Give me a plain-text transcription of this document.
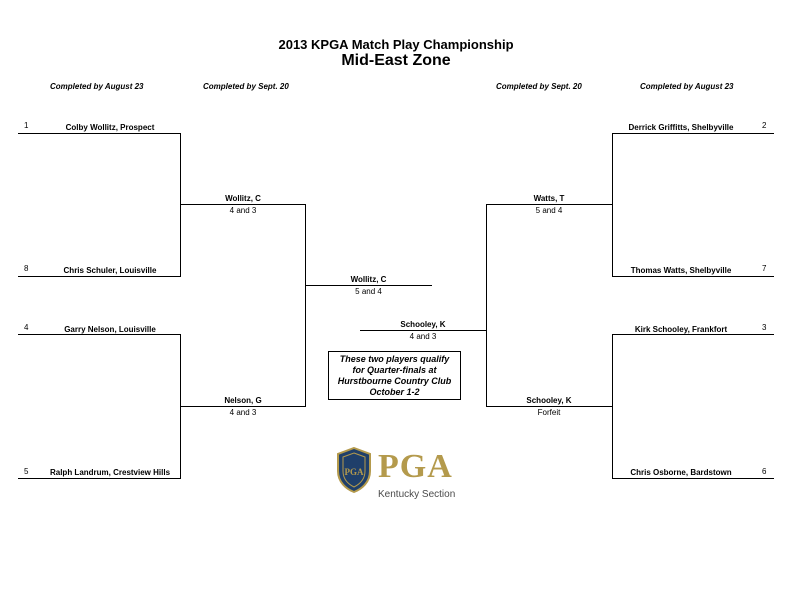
2013 KPGA Match Play Championship
Mid-East Zone
Completed by August 23	Completed by Sept. 20	Completed by Sept. 20	Completed by August 23
1	Colby Wollitz, Prospect
8	Chris Schuler, Louisville
4	Garry Nelson, Louisville
5	Ralph Landrum, Crestview Hills
Wollitz, C
4 and 3
Nelson, G
4 and 3
Wollitz, C
5 and 4
2
Derrick Griffitts, Shelbyville
7
Thomas Watts, Shelbyville
3
Kirk Schooley, Frankfort
6
Chris Osborne, Bardstown
Watts, T
5 and 4
Schooley, K
Forfeit
Schooley, K
4 and 3
These two players qualify
for Quarter-finals at
Hurstbourne Country Club
October 1-2
PGA PGA
Kentucky Section
